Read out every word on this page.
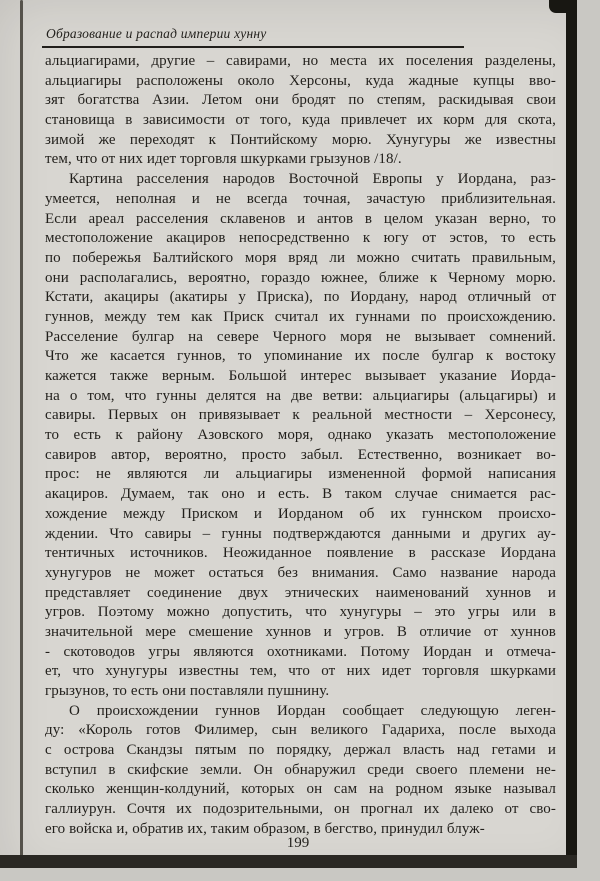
Образование и распад империи хунну
альциагирами, другие – савирами, но места их поселения разделены,
альциагиры расположены около Херсоны, куда жадные купцы вво-
зят богатства Азии. Летом они бродят по степям, раскидывая свои
становища в зависимости от того, куда привлечет их корм для скота,
зимой же переходят к Понтийскому морю. Хунугуры же известны
тем, что от них идет торговля шкурками грызунов /18/.
Картина расселения народов Восточной Европы у Иордана, раз-
умеется, неполная и не всегда точная, зачастую приблизительная.
Если ареал расселения склавенов и антов в целом указан верно, то
местоположение акациров непосредственно к югу от эстов, то есть
по побережья Балтийского моря вряд ли можно считать правильным,
они располагались, вероятно, гораздо южнее, ближе к Черному морю.
Кстати, акациры (акатиры у Приска), по Иордану, народ отличный от
гуннов, между тем как Приск считал их гуннами по происхождению.
Расселение булгар на севере Черного моря не вызывает сомнений.
Что же касается гуннов, то упоминание их после булгар к востоку
кажется также верным. Большой интерес вызывает указание Иорда-
на о том, что гунны делятся на две ветви: альциагиры (альцагиры) и
савиры. Первых он привязывает к реальной местности – Херсонесу,
то есть к району Азовского моря, однако указать местоположение
савиров автор, вероятно, просто забыл. Естественно, возникает во-
прос: не являются ли альциагиры измененной формой написания
акациров. Думаем, так оно и есть. В таком случае снимается рас-
хождение между Приском и Иорданом об их гуннском происхо-
ждении. Что савиры – гунны подтверждаются данными и других ау-
тентичных источников. Неожиданное появление в рассказе Иордана
хунугуров не может остаться без внимания. Само название народа
представляет соединение двух этнических наименований хуннов и
угров. Поэтому можно допустить, что хунугуры – это угры или в
значительной мере смешение хуннов и угров. В отличие от хуннов
- скотоводов угры являются охотниками. Потому Иордан и отмеча-
ет, что хунугуры известны тем, что от них идет торговля шкурками
грызунов, то есть они поставляли пушнину.
О происхождении гуннов Иордан сообщает следующую леген-
ду: «Король готов Филимер, сын великого Гадариха, после выхода
с острова Скандзы пятым по порядку, держал власть над гетами и
вступил в скифские земли. Он обнаружил среди своего племени не-
сколько женщин-колдуний, которых он сам на родном языке называл
галлиурун. Сочтя их подозрительными, он прогнал их далеко от сво-
его войска и, обратив их, таким образом, в бегство, принудил блуж-
199
